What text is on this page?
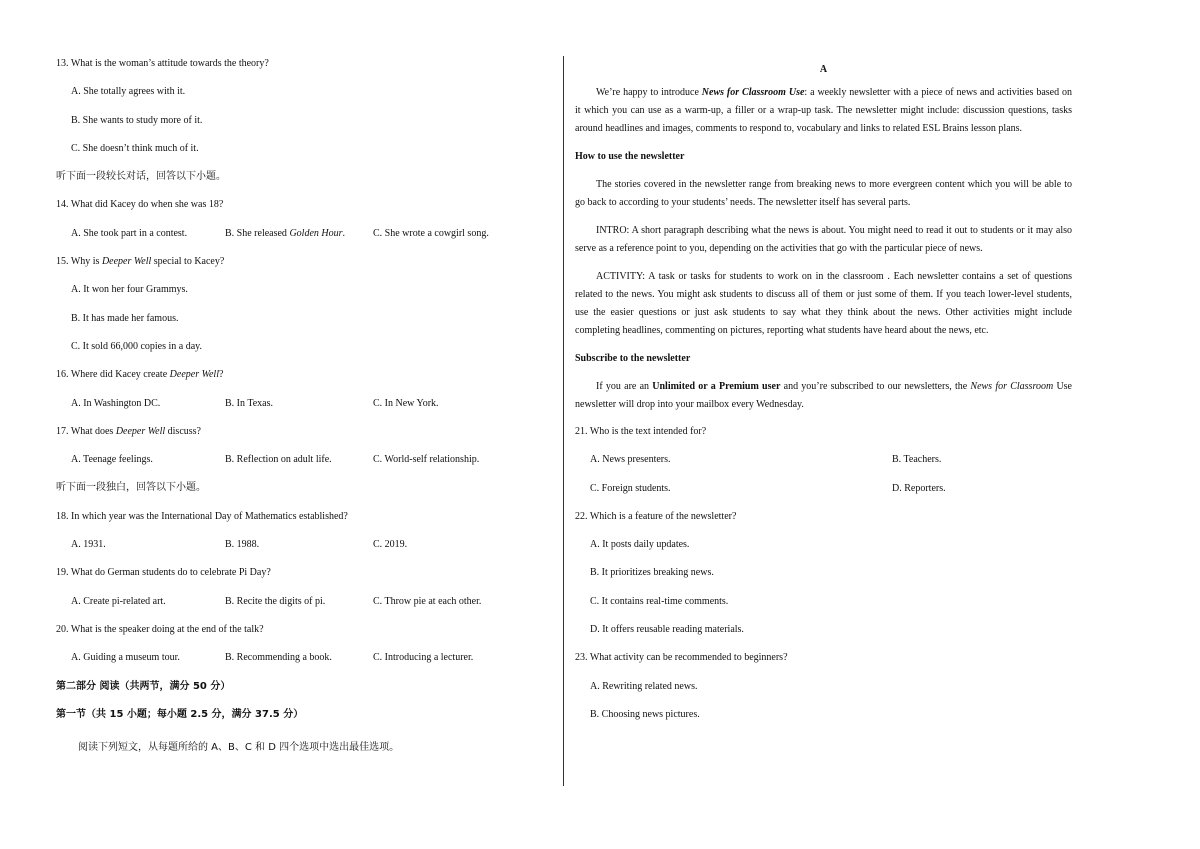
13. What is the woman’s attitude towards the theory?
A. She totally agrees with it.
B. She wants to study more of it.
C. She doesn’t think much of it.
听下面一段较长对话，回答以下小题。
14. What did Kacey do when she was 18?
A. She took part in a contest.	B. She released Golden Hour.	C. She wrote a cowgirl song.
15. Why is Deeper Well special to Kacey?
A. It won her four Grammys.
B. It has made her famous.
C. It sold 66,000 copies in a day.
16. Where did Kacey create Deeper Well?
A. In Washington DC.	B. In Texas.	C. In New York.
17. What does Deeper Well discuss?
A. Teenage feelings.	B. Reflection on adult life.	C. World-self relationship.
听下面一段独白，回答以下小题。
18. In which year was the International Day of Mathematics established?
A. 1931.	B. 1988.	C. 2019.
19. What do German students do to celebrate Pi Day?
A. Create pi-related art.	B. Recite the digits of pi.	C. Throw pie at each other.
20. What is the speaker doing at the end of the talk?
A. Guiding a museum tour.	B. Recommending a book.	C. Introducing a lecturer.
第二部分 阅读（共两节，满分 50 分）
第一节（共 15 小题；每小题 2.5 分，满分 37.5 分）
阅读下列短文，从每题所给的 A、B、C 和 D 四个选项中选出最佳选项。
A
We’re happy to introduce News for Classroom Use: a weekly newsletter with a piece of news and activities based on it which you can use as a warm-up, a filler or a wrap-up task. The newsletter might include: discussion questions, tasks around headlines and images, comments to respond to, vocabulary and links to related ESL Brains lesson plans.
How to use the newsletter
The stories covered in the newsletter range from breaking news to more evergreen content which you will be able to go back to according to your students’ needs. The newsletter itself has several parts.
INTRO: A short paragraph describing what the news is about. You might need to read it out to students or it may also serve as a reference point to you, depending on the activities that go with the particular piece of news.
ACTIVITY: A task or tasks for students to work on in the classroom . Each newsletter contains a set of questions related to the news. You might ask students to discuss all of them or just some of them. If you teach lower-level students, use the easier questions or just ask students to say what they think about the news. Other activities might include completing headlines, commenting on pictures, reporting what students have heard about the news, etc.
Subscribe to the newsletter
If you are an Unlimited or a Premium user and you’re subscribed to our newsletters, the News for Classroom Use newsletter will drop into your mailbox every Wednesday.
21. Who is the text intended for?
A. News presenters.	B. Teachers.
C. Foreign students.	D. Reporters.
22. Which is a feature of the newsletter?
A. It posts daily updates.
B. It prioritizes breaking news.
C. It contains real-time comments.
D. It offers reusable reading materials.
23. What activity can be recommended to beginners?
A. Rewriting related news.
B. Choosing news pictures.
